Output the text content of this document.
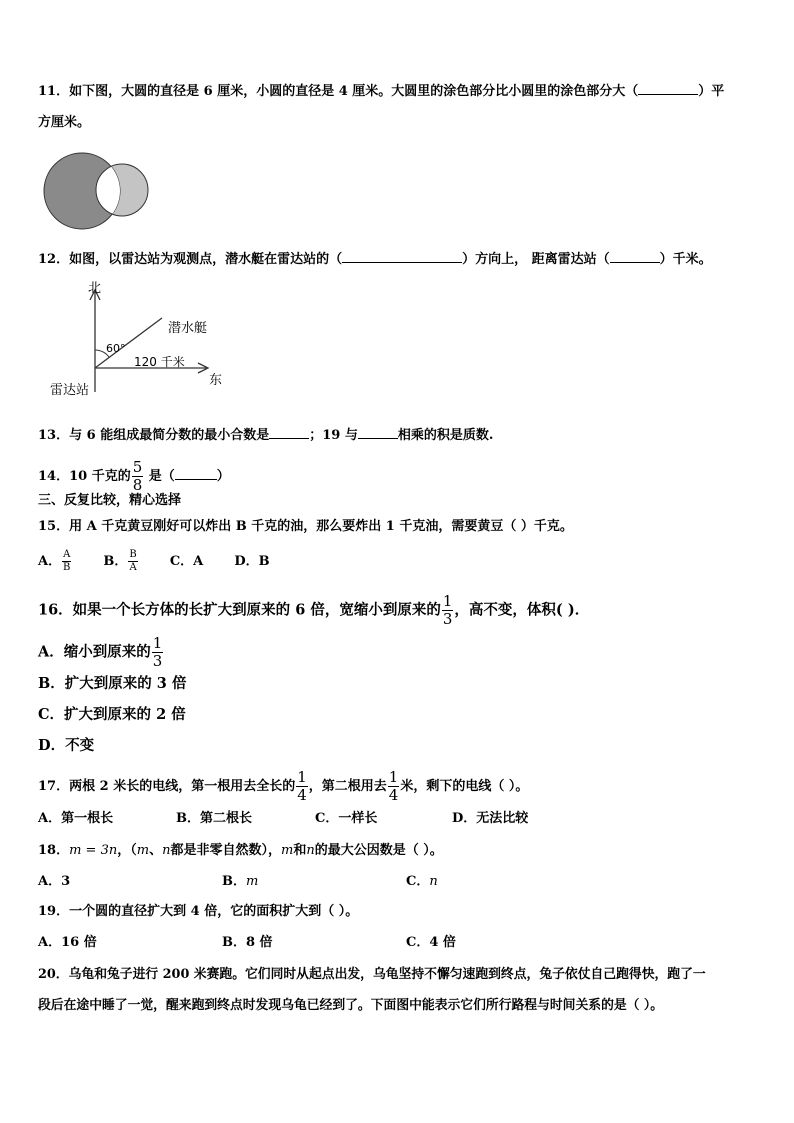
11．如下图，大圆的直径是 6 厘米，小圆的直径是 4 厘米。大圆里的涂色部分比小圆里的涂色部分大（	）平
方厘米。
12．如图，以雷达站为观测点，潜水艇在雷达站的（	）方向上， 距离雷达站（	）千米。
北
东
雷达站
潜水艇
60°
120 千米
13．与 6 能组成最简分数的最小合数是	；19 与	相乘的积是质数.
14．10 千克的 $\frac{5}{8}$ 是（	）
三、反复比较，精心选择
15．用 A 千克黄豆刚好可以炸出 B 千克的油，那么要炸出 1 千克油，需要黄豆（ ）千克。
A． $\frac{A}{B}$ B． $\frac{B}{A}$ C．A D．B
16．如果一个长方体的长扩大到原来的 6 倍，宽缩小到原来的 $\frac{1}{3}$ ，高不变，体积( )．
A．缩小到原来的 $\frac{1}{3}$
B．扩大到原来的 3 倍
C．扩大到原来的 2 倍
D．不变
17．两根 2 米长的电线，第一根用去全长的 $\frac{1}{4}$ ，第二根用去 $\frac{1}{4}$ 米，剩下的电线（ ）。
A．第一根长	B．第二根长	C．一样长	D．无法比较
18．m = 3n，（m、n都是非零自然数），m和n的最大公因数是（ ）。
A．3	B．m	C．n
19．一个圆的直径扩大到 4 倍，它的面积扩大到（ ）。
A．16 倍	B．8 倍	C．4 倍
20．乌龟和兔子进行 200 米赛跑。它们同时从起点出发，乌龟坚持不懈匀速跑到终点，兔子依仗自己跑得快，跑了一
段后在途中睡了一觉，醒来跑到终点时发现乌龟已经到了。下面图中能表示它们所行路程与时间关系的是（ ）。
